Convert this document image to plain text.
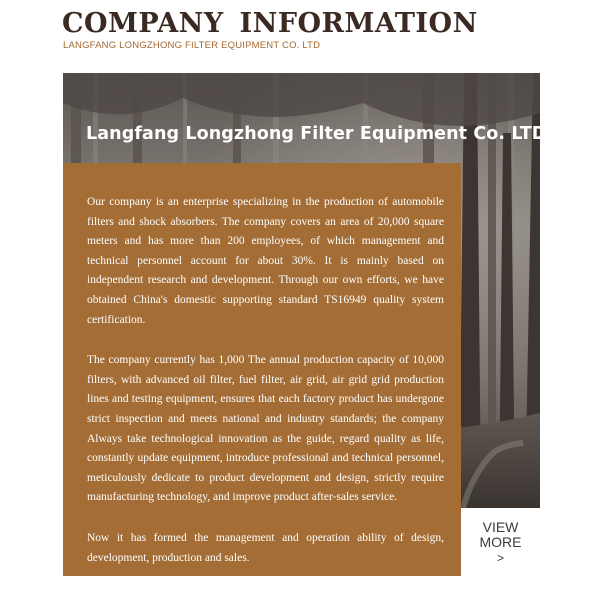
COMPANY INFORMATION
LANGFANG LONGZHONG FILTER EQUIPMENT CO. LTD
Langfang Longzhong Filter Equipment Co. LTD

Our company is an enterprise specializing in the production of automobile filters and shock absorbers. The company covers an area of 20,000 square meters and has more than 200 employees, of which management and technical personnel account for about 30%. It is mainly based on independent research and development. Through our own efforts, we have obtained China's domestic supporting standard TS16949 quality system certification.

The company currently has 1,000 The annual production capacity of 10,000 filters, with advanced oil filter, fuel filter, air grid, air grid grid production lines and testing equipment, ensures that each factory product has undergone strict inspection and meets national and industry standards; the company Always take technological innovation as the guide, regard quality as life, constantly update equipment, introduce professional and technical personnel, meticulously dedicate to product development and design, strictly require manufacturing technology, and improve product after-sales service.

Now it has formed the management and operation ability of design, development, production and sales.

VIEW
MORE
>
